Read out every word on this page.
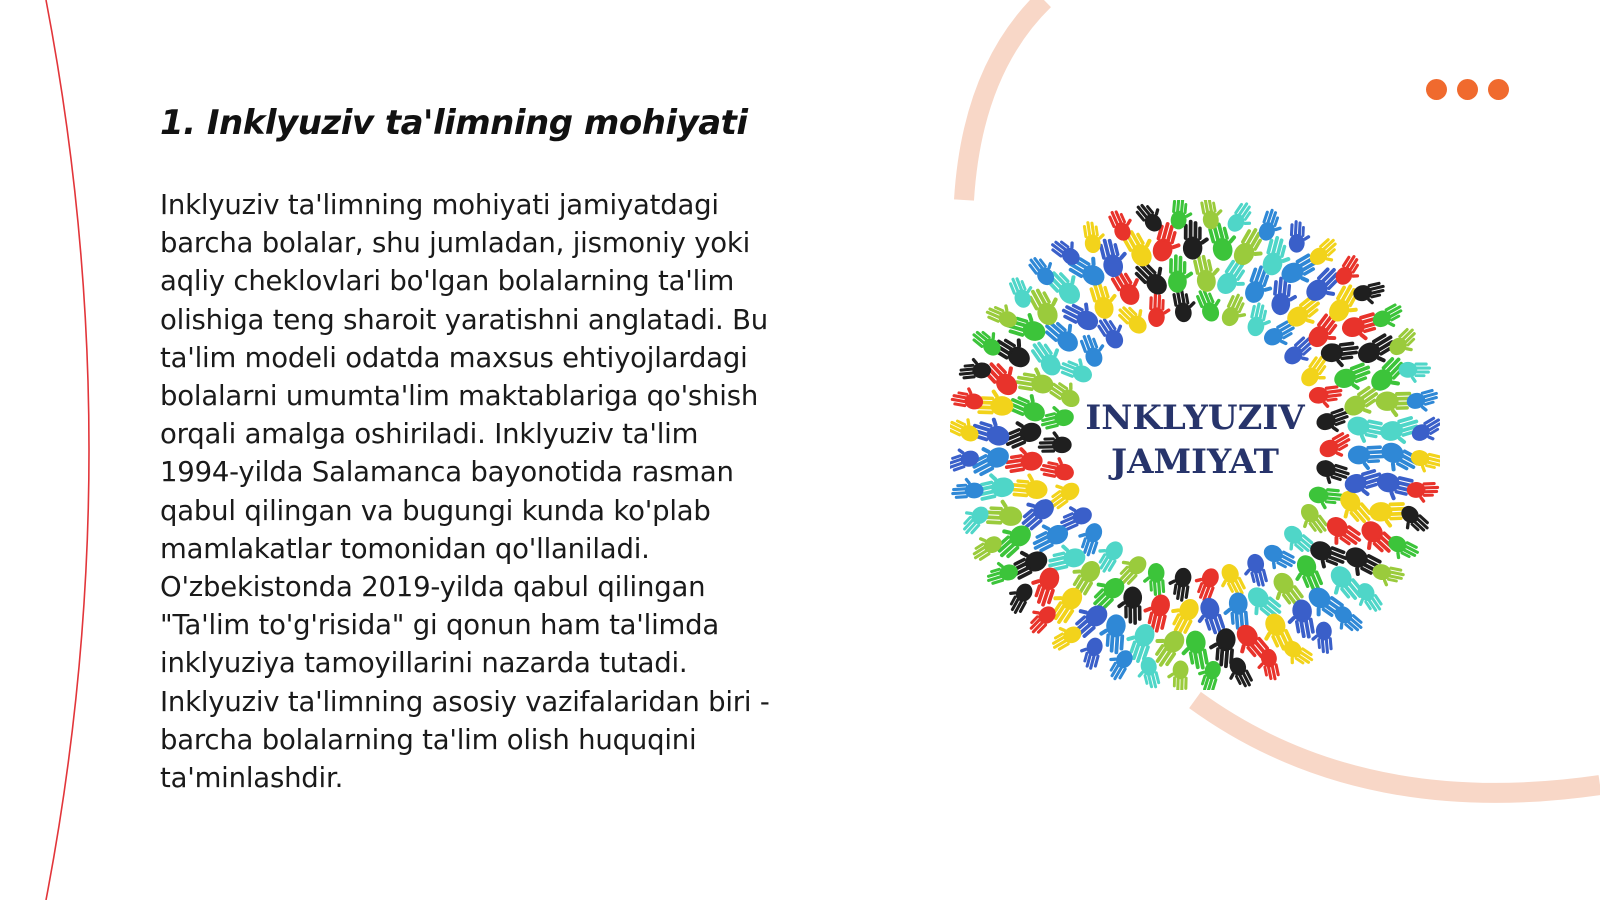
1. Inklyuziv ta'limning mohiyati

Inklyuziv ta'limning mohiyati jamiyatdagi
barcha bolalar, shu jumladan, jismoniy yoki
aqliy cheklovlari bo'lgan bolalarning ta'lim
olishiga teng sharoit yaratishni anglatadi. Bu
ta'lim modeli odatda maxsus ehtiyojlardagi
bolalarni umumta'lim maktablariga qo'shish
orqali amalga oshiriladi. Inklyuziv ta'lim
1994-yilda Salamanca bayonotida rasman
qabul qilingan va bugungi kunda ko'plab
mamlakatlar tomonidan qo'llaniladi.
O'zbekistonda 2019-yilda qabul qilingan
"Ta'lim to'g'risida" gi qonun ham ta'limda
inklyuziya tamoyillarini nazarda tutadi.
Inklyuziv ta'limning asosiy vazifalaridan biri -
barcha bolalarning ta'lim olish huquqini
ta'minlashdir.

INKLYUZIV
JAMIYAT
